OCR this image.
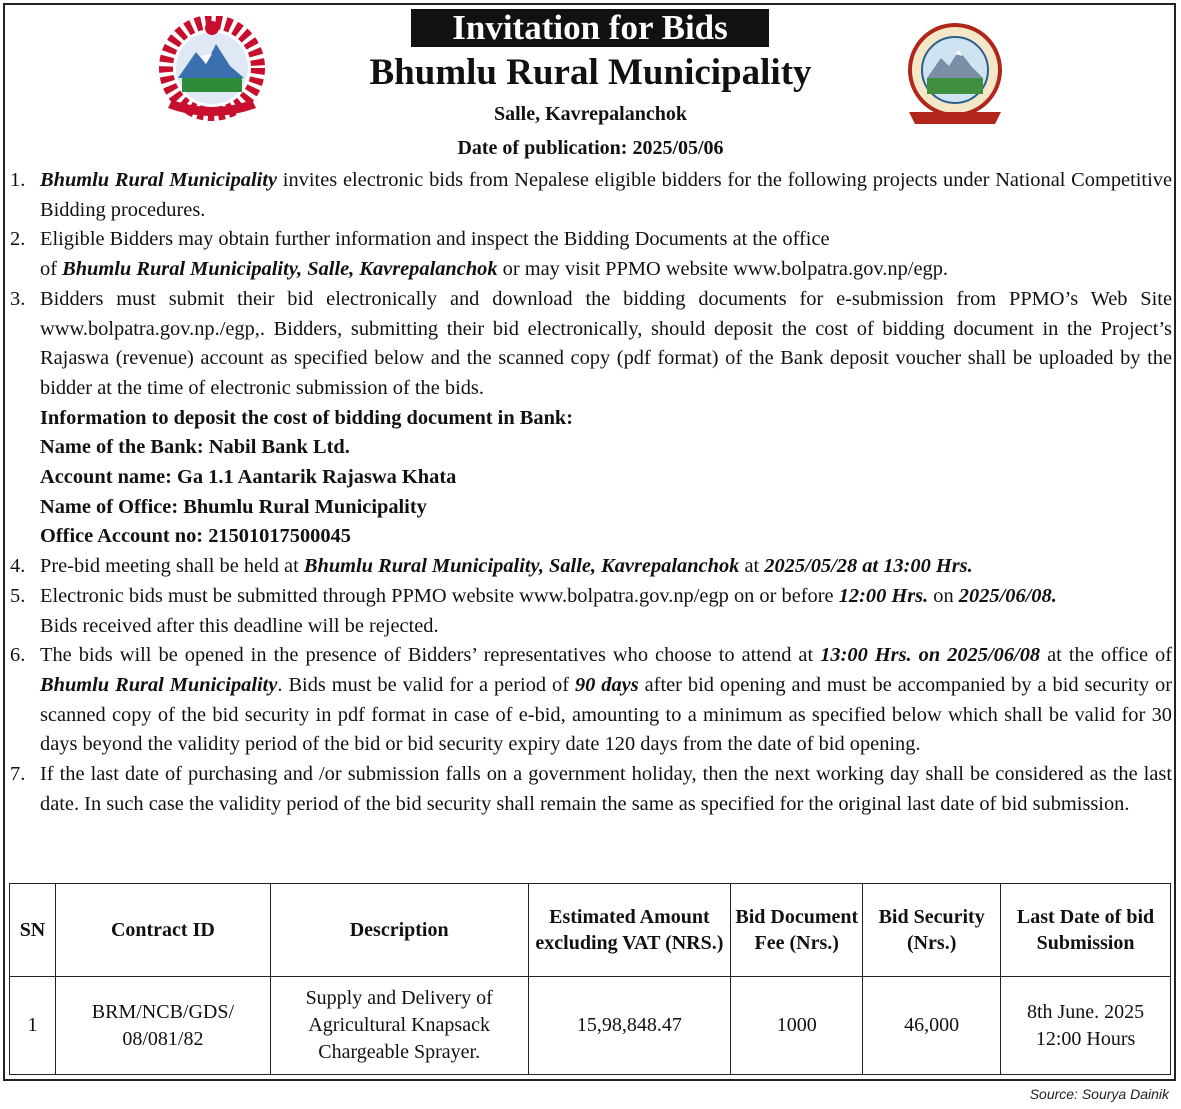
Invitation for Bids
Bhumlu Rural Municipality
Salle, Kavrepalanchok
Date of publication: 2025/05/06
1. Bhumlu Rural Municipality invites electronic bids from Nepalese eligible bidders for the following projects under National Competitive Bidding procedures.
2. Eligible Bidders may obtain further information and inspect the Bidding Documents at the office
of Bhumlu Rural Municipality, Salle, Kavrepalanchok or may visit PPMO website www.bolpatra.gov.np/egp.
3. Bidders must submit their bid electronically and download the bidding documents for e-submission from PPMO’s Web Site www.bolpatra.gov.np./egp,. Bidders, submitting their bid electronically, should deposit the cost of bidding document in the Project’s Rajaswa (revenue) account as specified below and the scanned copy (pdf format) of the Bank deposit voucher shall be uploaded by the bidder at the time of electronic submission of the bids.
Information to deposit the cost of bidding document in Bank:
Name of the Bank: Nabil Bank Ltd.
Account name: Ga 1.1 Aantarik Rajaswa Khata
Name of Office: Bhumlu Rural Municipality
Office Account no: 21501017500045
4. Pre-bid meeting shall be held at Bhumlu Rural Municipality, Salle, Kavrepalanchok at 2025/05/28 at 13:00 Hrs.
5. Electronic bids must be submitted through PPMO website www.bolpatra.gov.np/egp on or before 12:00 Hrs. on 2025/06/08.
Bids received after this deadline will be rejected.
6. The bids will be opened in the presence of Bidders’ representatives who choose to attend at 13:00 Hrs. on 2025/06/08 at the office of Bhumlu Rural Municipality. Bids must be valid for a period of 90 days after bid opening and must be accompanied by a bid security or scanned copy of the bid security in pdf format in case of e-bid, amounting to a minimum as specified below which shall be valid for 30 days beyond the validity period of the bid or bid security expiry date 120 days from the date of bid opening.
7. If the last date of purchasing and /or submission falls on a government holiday, then the next working day shall be considered as the last date. In such case the validity period of the bid security shall remain the same as specified for the original last date of bid submission.
SN	Contract ID	Description	Estimated Amount excluding VAT (NRS.)	Bid Document Fee (Nrs.)	Bid Security (Nrs.)	Last Date of bid Submission
1	BRM/NCB/GDS/ 08/081/82	Supply and Delivery of Agricultural Knapsack Chargeable Sprayer.	15,98,848.47	1000	46,000	8th June. 2025 12:00 Hours
Source: Sourya Dainik
